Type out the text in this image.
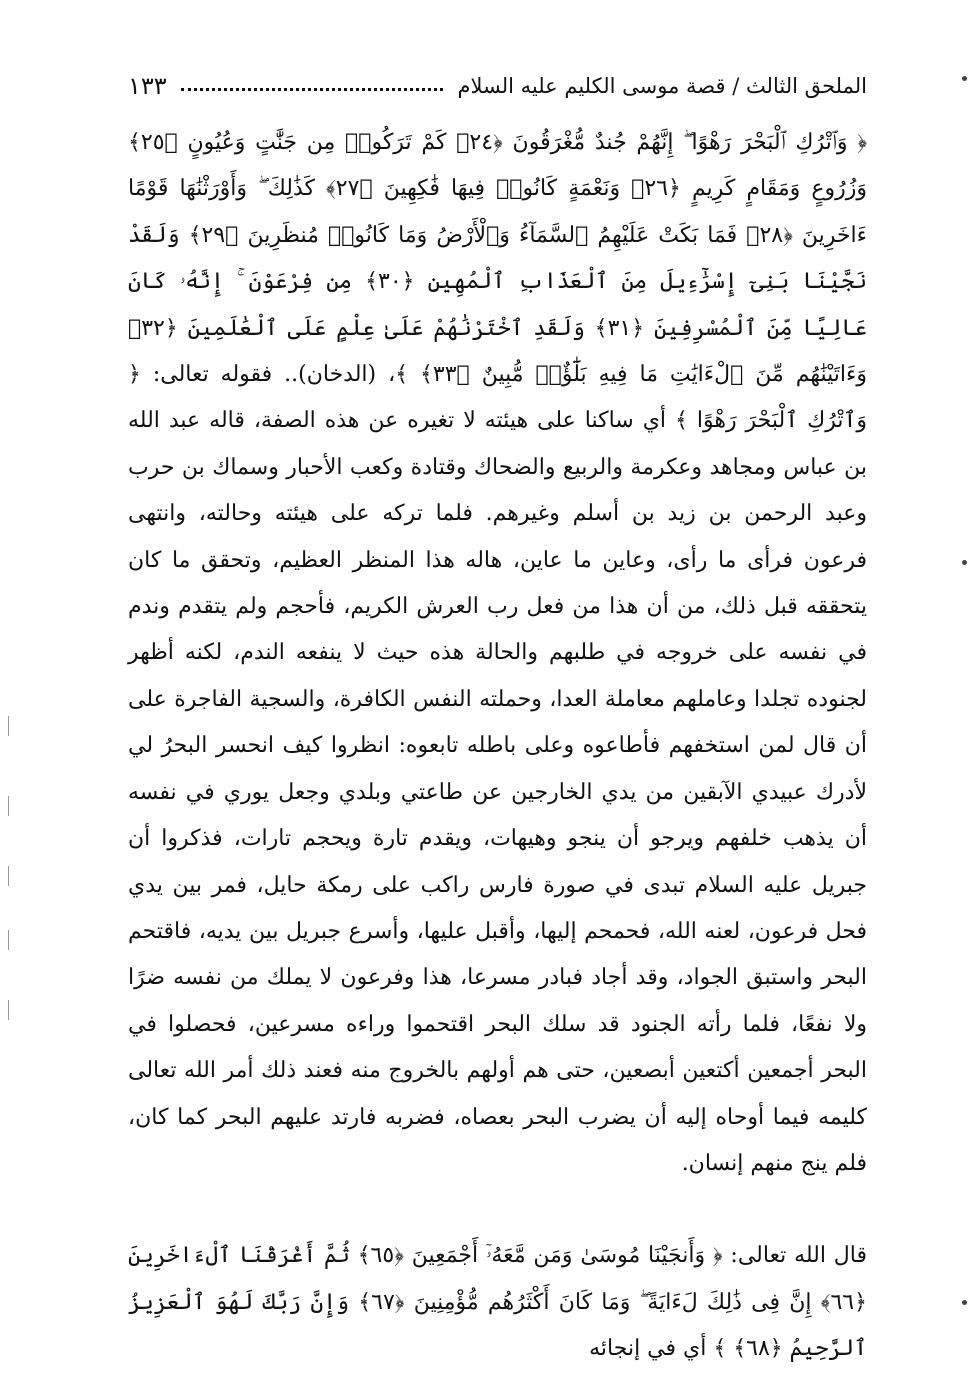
الملحق الثالث / قصة موسى الكليم عليه السلام
١٣٣

﴿ وَٱتْرُكِ ٱلْبَحْرَ رَهْوًا ۖ إِنَّهُمْ جُندٌ مُّغْرَقُونَ ﴿٢٤﴾ كَمْ تَرَكُوا۟ مِن جَنَّٰتٍ وَعُيُونٍ ﴿٢٥﴾ وَزُرُوعٍ وَمَقَامٍ كَرِيمٍ ﴿٢٦﴾ وَنَعْمَةٍ كَانُوا۟ فِيهَا فَٰكِهِينَ ﴿٢٧﴾ كَذَٰلِكَ ۖ وَأَوْرَثْنَٰهَا قَوْمًا ءَاخَرِينَ ﴿٢٨﴾ فَمَا بَكَتْ عَلَيْهِمُ ٱلسَّمَآءُ وَٱلْأَرْضُ وَمَا كَانُوا۟ مُنظَرِينَ ﴿٢٩﴾ وَلَقَدْ نَجَّيْنَا بَنِىٓ إِسْرَٰٓءِيلَ مِنَ ٱلْعَذَابِ ٱلْمُهِينِ ﴿٣٠﴾ مِن فِرْعَوْنَ ۚ إِنَّهُۥ كَانَ عَالِيًا مِّنَ ٱلْمُسْرِفِينَ ﴿٣١﴾ وَلَقَدِ ٱخْتَرْنَٰهُمْ عَلَىٰ عِلْمٍ عَلَى ٱلْعَٰلَمِينَ ﴿٣٢﴾ وَءَاتَيْنَٰهُم مِّنَ ٱلْءَايَٰتِ مَا فِيهِ بَلَٰٓؤٌا۟ مُّبِينٌ ﴿٣٣﴾ ﴾، (الدخان).. فقوله تعالى: ﴿ وَٱتْرُكِ ٱلْبَحْرَ رَهْوًا ﴾ أي ساكنا على هيئته لا تغيره عن هذه الصفة، قاله عبد الله بن عباس ومجاهد وعكرمة والربيع والضحاك وقتادة وكعب الأحبار وسماك بن حرب وعبد الرحمن بن زيد بن أسلم وغيرهم. فلما تركه على هيئته وحالته، وانتهى فرعون فرأى ما رأى، وعاين ما عاين، هاله هذا المنظر العظيم، وتحقق ما كان يتحققه قبل ذلك، من أن هذا من فعل رب العرش الكريم، فأحجم ولم يتقدم وندم في نفسه على خروجه في طلبهم والحالة هذه حيث لا ينفعه الندم، لكنه أظهر لجنوده تجلدا وعاملهم معاملة العدا، وحملته النفس الكافرة، والسجية الفاجرة على أن قال لمن استخفهم فأطاعوه وعلى باطله تابعوه: انظروا كيف انحسر البحرُ لي لأدرك عبيدي الآبقين من يدي الخارجين عن طاعتي وبلدي وجعل يوري في نفسه أن يذهب خلفهم ويرجو أن ينجو وهيهات، ويقدم تارة ويحجم تارات، فذكروا أن جبريل عليه السلام تبدى في صورة فارس راكب على رمكة حايل، فمر بين يدي فحل فرعون، لعنه الله، فحمحم إليها، وأقبل عليها، وأسرع جبريل بين يديه، فاقتحم البحر واستبق الجواد، وقد أجاد فبادر مسرعا، هذا وفرعون لا يملك من نفسه ضرًا ولا نفعًا، فلما رأته الجنود قد سلك البحر اقتحموا وراءه مسرعين، فحصلوا في البحر أجمعين أكتعين أبصعين، حتى هم أولهم بالخروج منه فعند ذلك أمر الله تعالى كليمه فيما أوحاه إليه أن يضرب البحر بعصاه، فضربه فارتد عليهم البحر كما كان، فلم ينج منهم إنسان.

قال الله تعالى: ﴿ وَأَنجَيْنَا مُوسَىٰ وَمَن مَّعَهُۥٓ أَجْمَعِينَ ﴿٦٥﴾ ثُمَّ أَغْرَقْنَا ٱلْءَاخَرِينَ ﴿٦٦﴾ إِنَّ فِى ذَٰلِكَ لَءَايَةً ۖ وَمَا كَانَ أَكْثَرُهُم مُّؤْمِنِينَ ﴿٦٧﴾ وَإِنَّ رَبَّكَ لَهُوَ ٱلْعَزِيزُ ٱلرَّحِيمُ ﴿٦٨﴾ ﴾ أي في إنجائه
